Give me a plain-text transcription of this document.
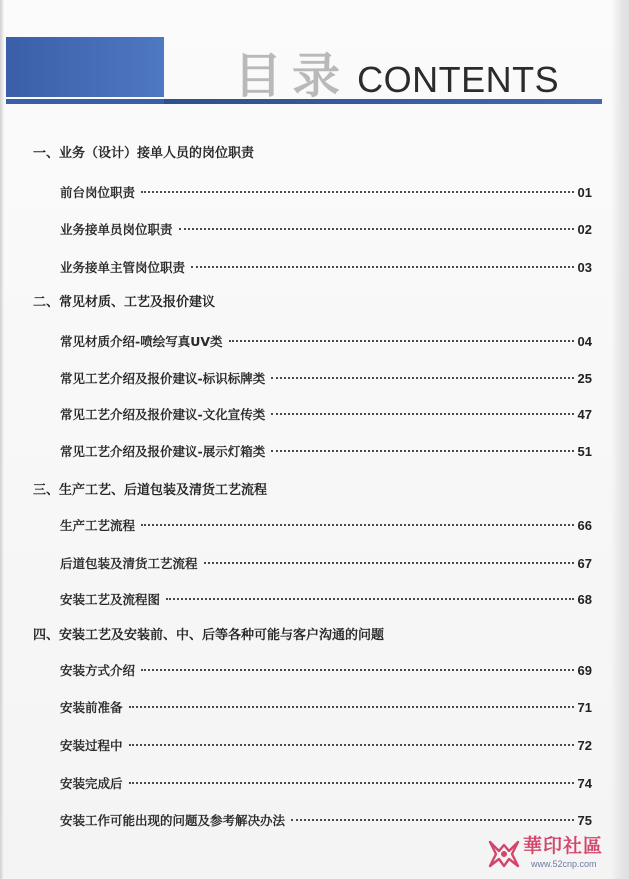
目录 CONTENTS
一、业务（设计）接单人员的岗位职责
前台岗位职责	01
业务接单员岗位职责	02
业务接单主管岗位职责	03
二、常见材质、工艺及报价建议
常见材质介绍-喷绘写真UV类	04
常见工艺介绍及报价建议-标识标牌类	25
常见工艺介绍及报价建议-文化宣传类	47
常见工艺介绍及报价建议-展示灯箱类	51
三、生产工艺、后道包装及清货工艺流程
生产工艺流程	66
后道包装及清货工艺流程	67
安装工艺及流程图	68
四、安装工艺及安装前、中、后等各种可能与客户沟通的问题
安装方式介绍	69
安装前准备	71
安装过程中	72
安装完成后	74
安装工作可能出现的问题及参考解决办法	75
華印社區
www.52cnp.com
